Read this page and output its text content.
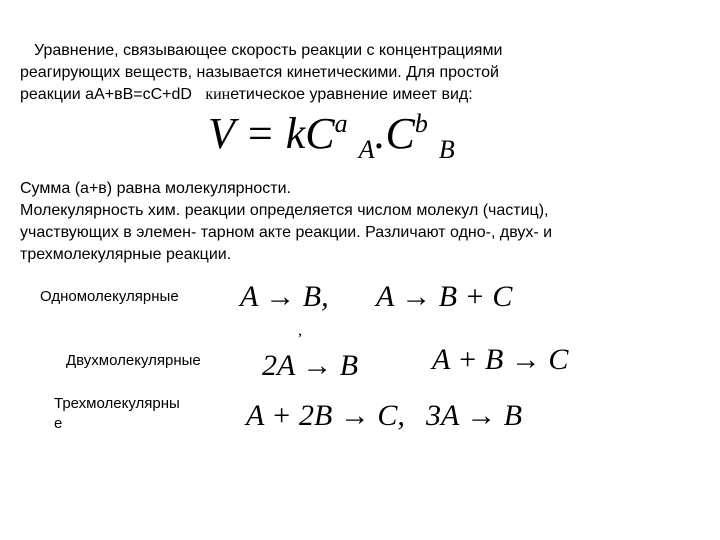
Уравнение, связывающее скорость реакции с концентрациями
реагирующих веществ, называется кинетическими. Для простой
реакции аА+вВ=сС+dD кинетическое уравнение имеет вид:
$V = kC^a$ $_A.C^b$ $_B$
Сумма (а+в) равна молекулярности.
Молекулярность хим. реакции определяется числом молекул (частиц),
участвующих в элемен- тарном акте реакции. Различают одно-, двух- и
трехмолекулярные реакции.
Одномолекулярные A → B, A → B + C
,
Двухмолекулярные 2A → B A + B → C
Трехмолекулярны
е	A + 2B → C, 3A → B
